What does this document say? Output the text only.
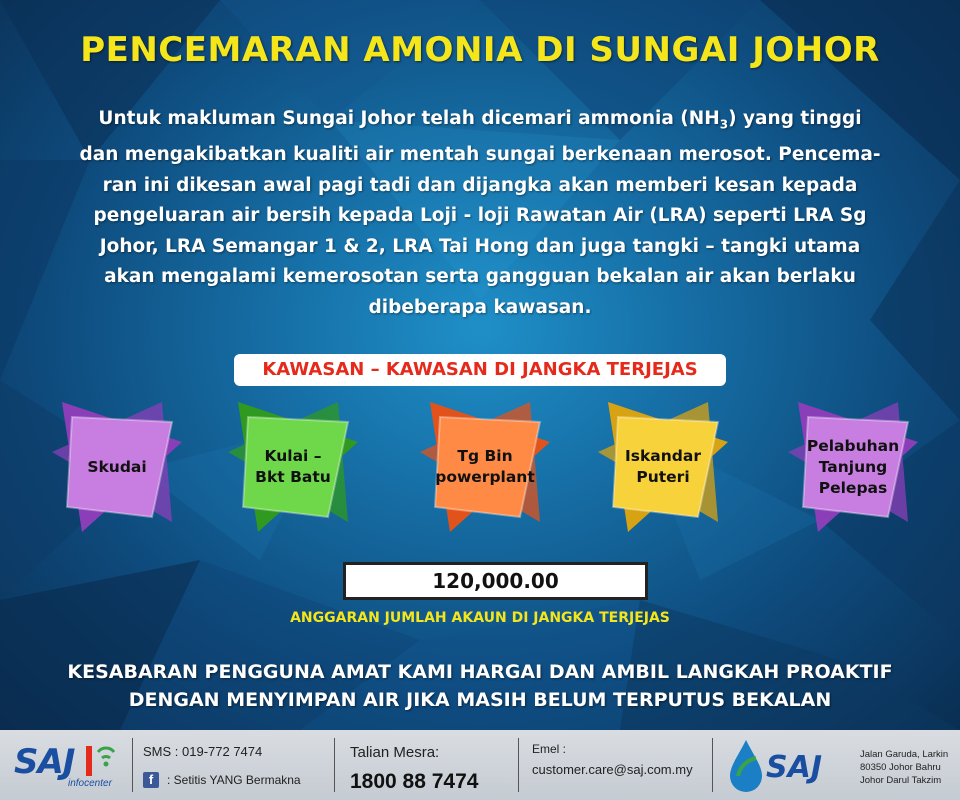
PENCEMARAN AMONIA DI SUNGAI JOHOR
Untuk makluman Sungai Johor telah dicemari ammonia $(NH_3)$ yang tinggi
dan mengakibatkan kualiti air mentah sungai berkenaan merosot. Pencema-
ran ini dikesan awal pagi tadi dan dijangka akan memberi kesan kepada
pengeluaran air bersih kepada Loji - loji Rawatan Air (LRA) seperti LRA Sg
Johor, LRA Semangar 1 & 2, LRA Tai Hong dan juga tangki – tangki utama
akan mengalami kemerosotan serta gangguan bekalan air akan berlaku
dibeberapa kawasan.
KAWASAN – KAWASAN DI JANGKA TERJEJAS
Skudai
Kulai –
Bkt Batu
Tg Bin
powerplant
Iskandar
Puteri
Pelabuhan
Tanjung
Pelepas
120,000.00
ANGGARAN JUMLAH AKAUN DI JANGKA TERJEJAS
KESABARAN PENGGUNA AMAT KAMI HARGAI DAN AMBIL LANGKAH PROAKTIF
DENGAN MENYIMPAN AIR JIKA MASIH BELUM TERPUTUS BEKALAN
SAJ
infocenter
SMS : 019-772 7474
f	: Setitis YANG Bermakna
Talian Mesra:
1800 88 7474
Emel :
customer.care@saj.com.my SAJ	Jalan Garuda, Larkin
80350 Johor Bahru
Johor Darul Takzim
